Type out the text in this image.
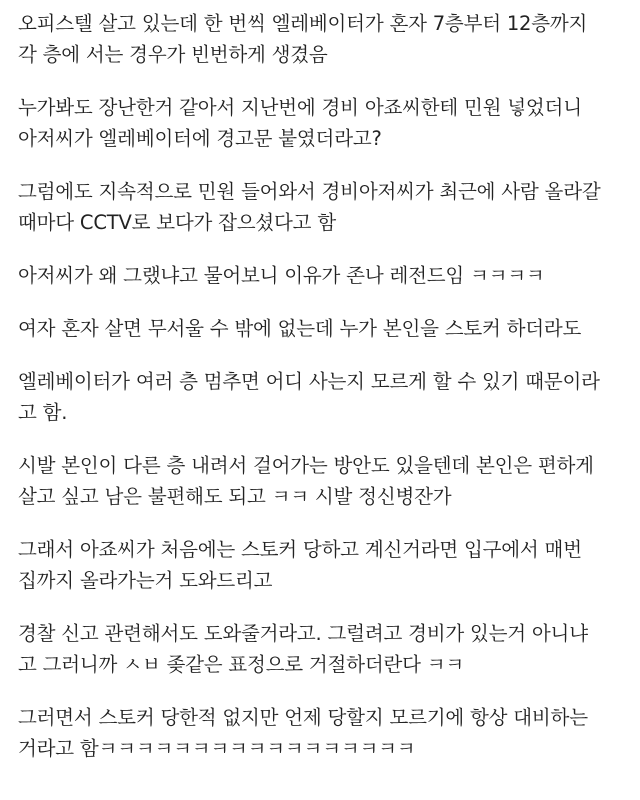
오피스텔 살고 있는데 한 번씩 엘레베이터가 혼자 7층부터 12층까지
각 층에 서는 경우가 빈번하게 생겼음
누가봐도 장난한거 같아서 지난번에 경비 아죠씨한테 민원 넣었더니
아저씨가 엘레베이터에 경고문 붙였더라고?
그럼에도 지속적으로 민원 들어와서 경비아저씨가 최근에 사람 올라갈
때마다 CCTV로 보다가 잡으셨다고 함
아저씨가 왜 그랬냐고 물어보니 이유가 존나 레전드임 ㅋㅋㅋㅋ
여자 혼자 살면 무서울 수 밖에 없는데 누가 본인을 스토커 하더라도
엘레베이터가 여러 층 멈추면 어디 사는지 모르게 할 수 있기 때문이라
고 함.
시발 본인이 다른 층 내려서 걸어가는 방안도 있을텐데 본인은 편하게
살고 싶고 남은 불편해도 되고 ㅋㅋ 시발 정신병잔가
그래서 아죠씨가 처음에는 스토커 당하고 계신거라면 입구에서 매번
집까지 올라가는거 도와드리고
경찰 신고 관련해서도 도와줄거라고. 그럴려고 경비가 있는거 아니냐
고 그러니까 ㅅㅂ 좆같은 표정으로 거절하더란다 ㅋㅋ
그러면서 스토커 당한적 없지만 언제 당할지 모르기에 항상 대비하는
거라고 함ㅋㅋㅋㅋㅋㅋㅋㅋㅋㅋㅋㅋㅋㅋㅋㅋㅋ
